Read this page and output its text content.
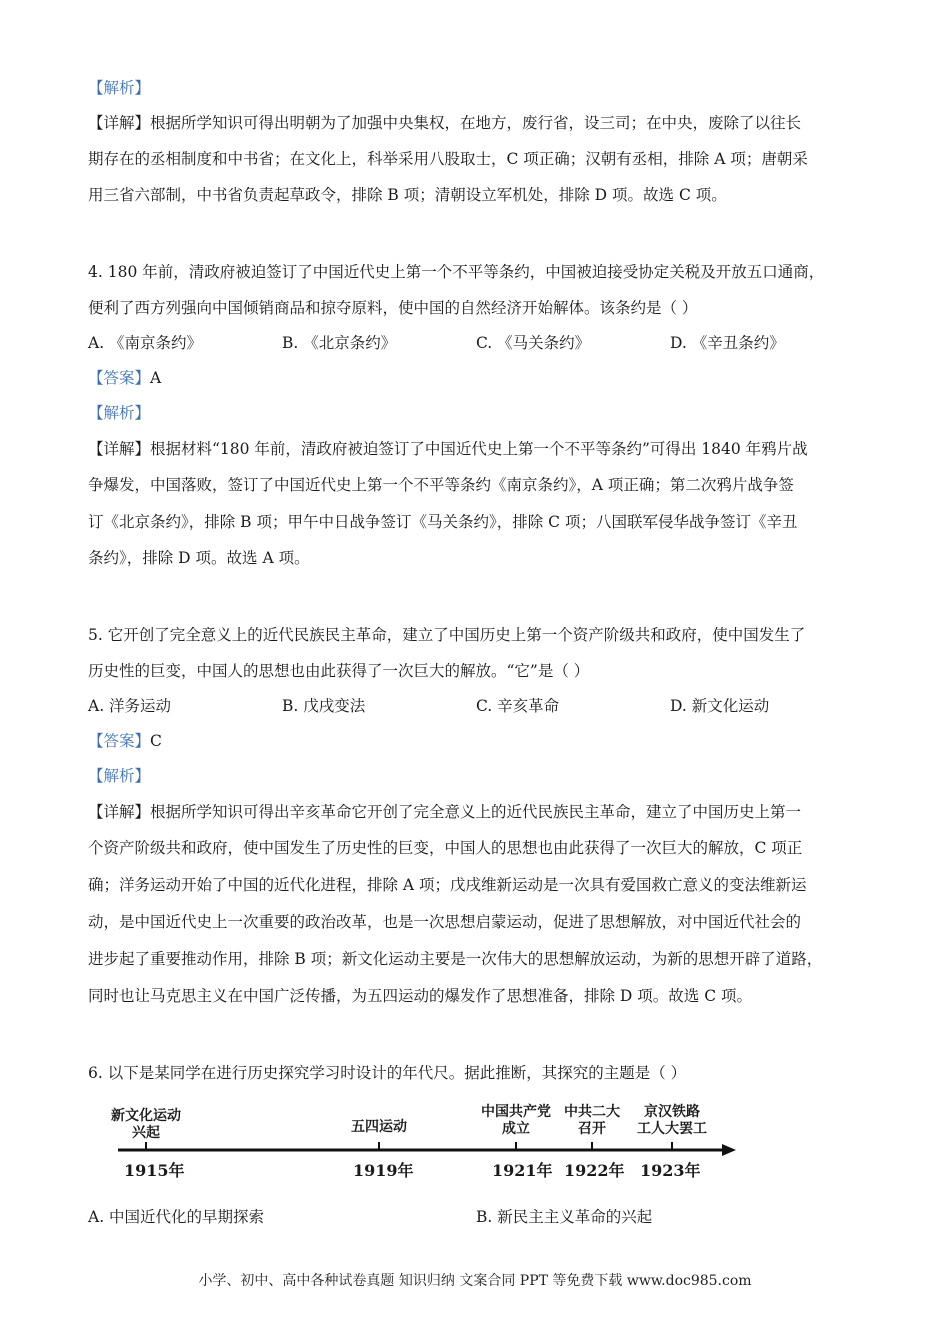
【解析】
【详解】根据所学知识可得出明朝为了加强中央集权，在地方，废行省，设三司；在中央，废除了以往长
期存在的丞相制度和中书省；在文化上，科举采用八股取士，C 项正确；汉朝有丞相，排除 A 项；唐朝采
用三省六部制，中书省负责起草政令，排除 B 项；清朝设立军机处，排除 D 项。故选 C 项。
4. 180 年前，清政府被迫签订了中国近代史上第一个不平等条约，中国被迫接受协定关税及开放五口通商，
便利了西方列强向中国倾销商品和掠夺原料，使中国的自然经济开始解体。该条约是（ ）
A. 《南京条约》	B. 《北京条约》	C. 《马关条约》	D. 《辛丑条约》
【答案】A
【解析】
【详解】根据材料“180 年前，清政府被迫签订了中国近代史上第一个不平等条约”可得出 1840 年鸦片战
争爆发，中国落败，签订了中国近代史上第一个不平等条约《南京条约》，A 项正确；第二次鸦片战争签
订《北京条约》，排除 B 项；甲午中日战争签订《马关条约》，排除 C 项；八国联军侵华战争签订《辛丑
条约》，排除 D 项。故选 A 项。
5. 它开创了完全意义上的近代民族民主革命，建立了中国历史上第一个资产阶级共和政府，使中国发生了
历史性的巨变，中国人的思想也由此获得了一次巨大的解放。“它”是（ ）
A. 洋务运动	B. 戊戌变法	C. 辛亥革命	D. 新文化运动
【答案】C
【解析】
【详解】根据所学知识可得出辛亥革命它开创了完全意义上的近代民族民主革命，建立了中国历史上第一
个资产阶级共和政府，使中国发生了历史性的巨变，中国人的思想也由此获得了一次巨大的解放，C 项正
确；洋务运动开始了中国的近代化进程，排除 A 项；戊戌维新运动是一次具有爱国救亡意义的变法维新运
动，是中国近代史上一次重要的政治改革，也是一次思想启蒙运动，促进了思想解放，对中国近代社会的
进步起了重要推动作用，排除 B 项；新文化运动主要是一次伟大的思想解放运动，为新的思想开辟了道路，
同时也让马克思主义在中国广泛传播，为五四运动的爆发作了思想准备，排除 D 项。故选 C 项。
6. 以下是某同学在进行历史探究学习时设计的年代尺。据此推断，其探究的主题是（ ）
新文化运动
兴起	五四运动
中国共产党
成立
中共二大
召开
京汉铁路
工人大罢工
1915年	1919年	1921年 1922年 1923年
A. 中国近代化的早期探索	B. 新民主主义革命的兴起
小学、初中、高中各种试卷真题 知识归纳 文案合同 PPT 等免费下载 www.doc985.com
